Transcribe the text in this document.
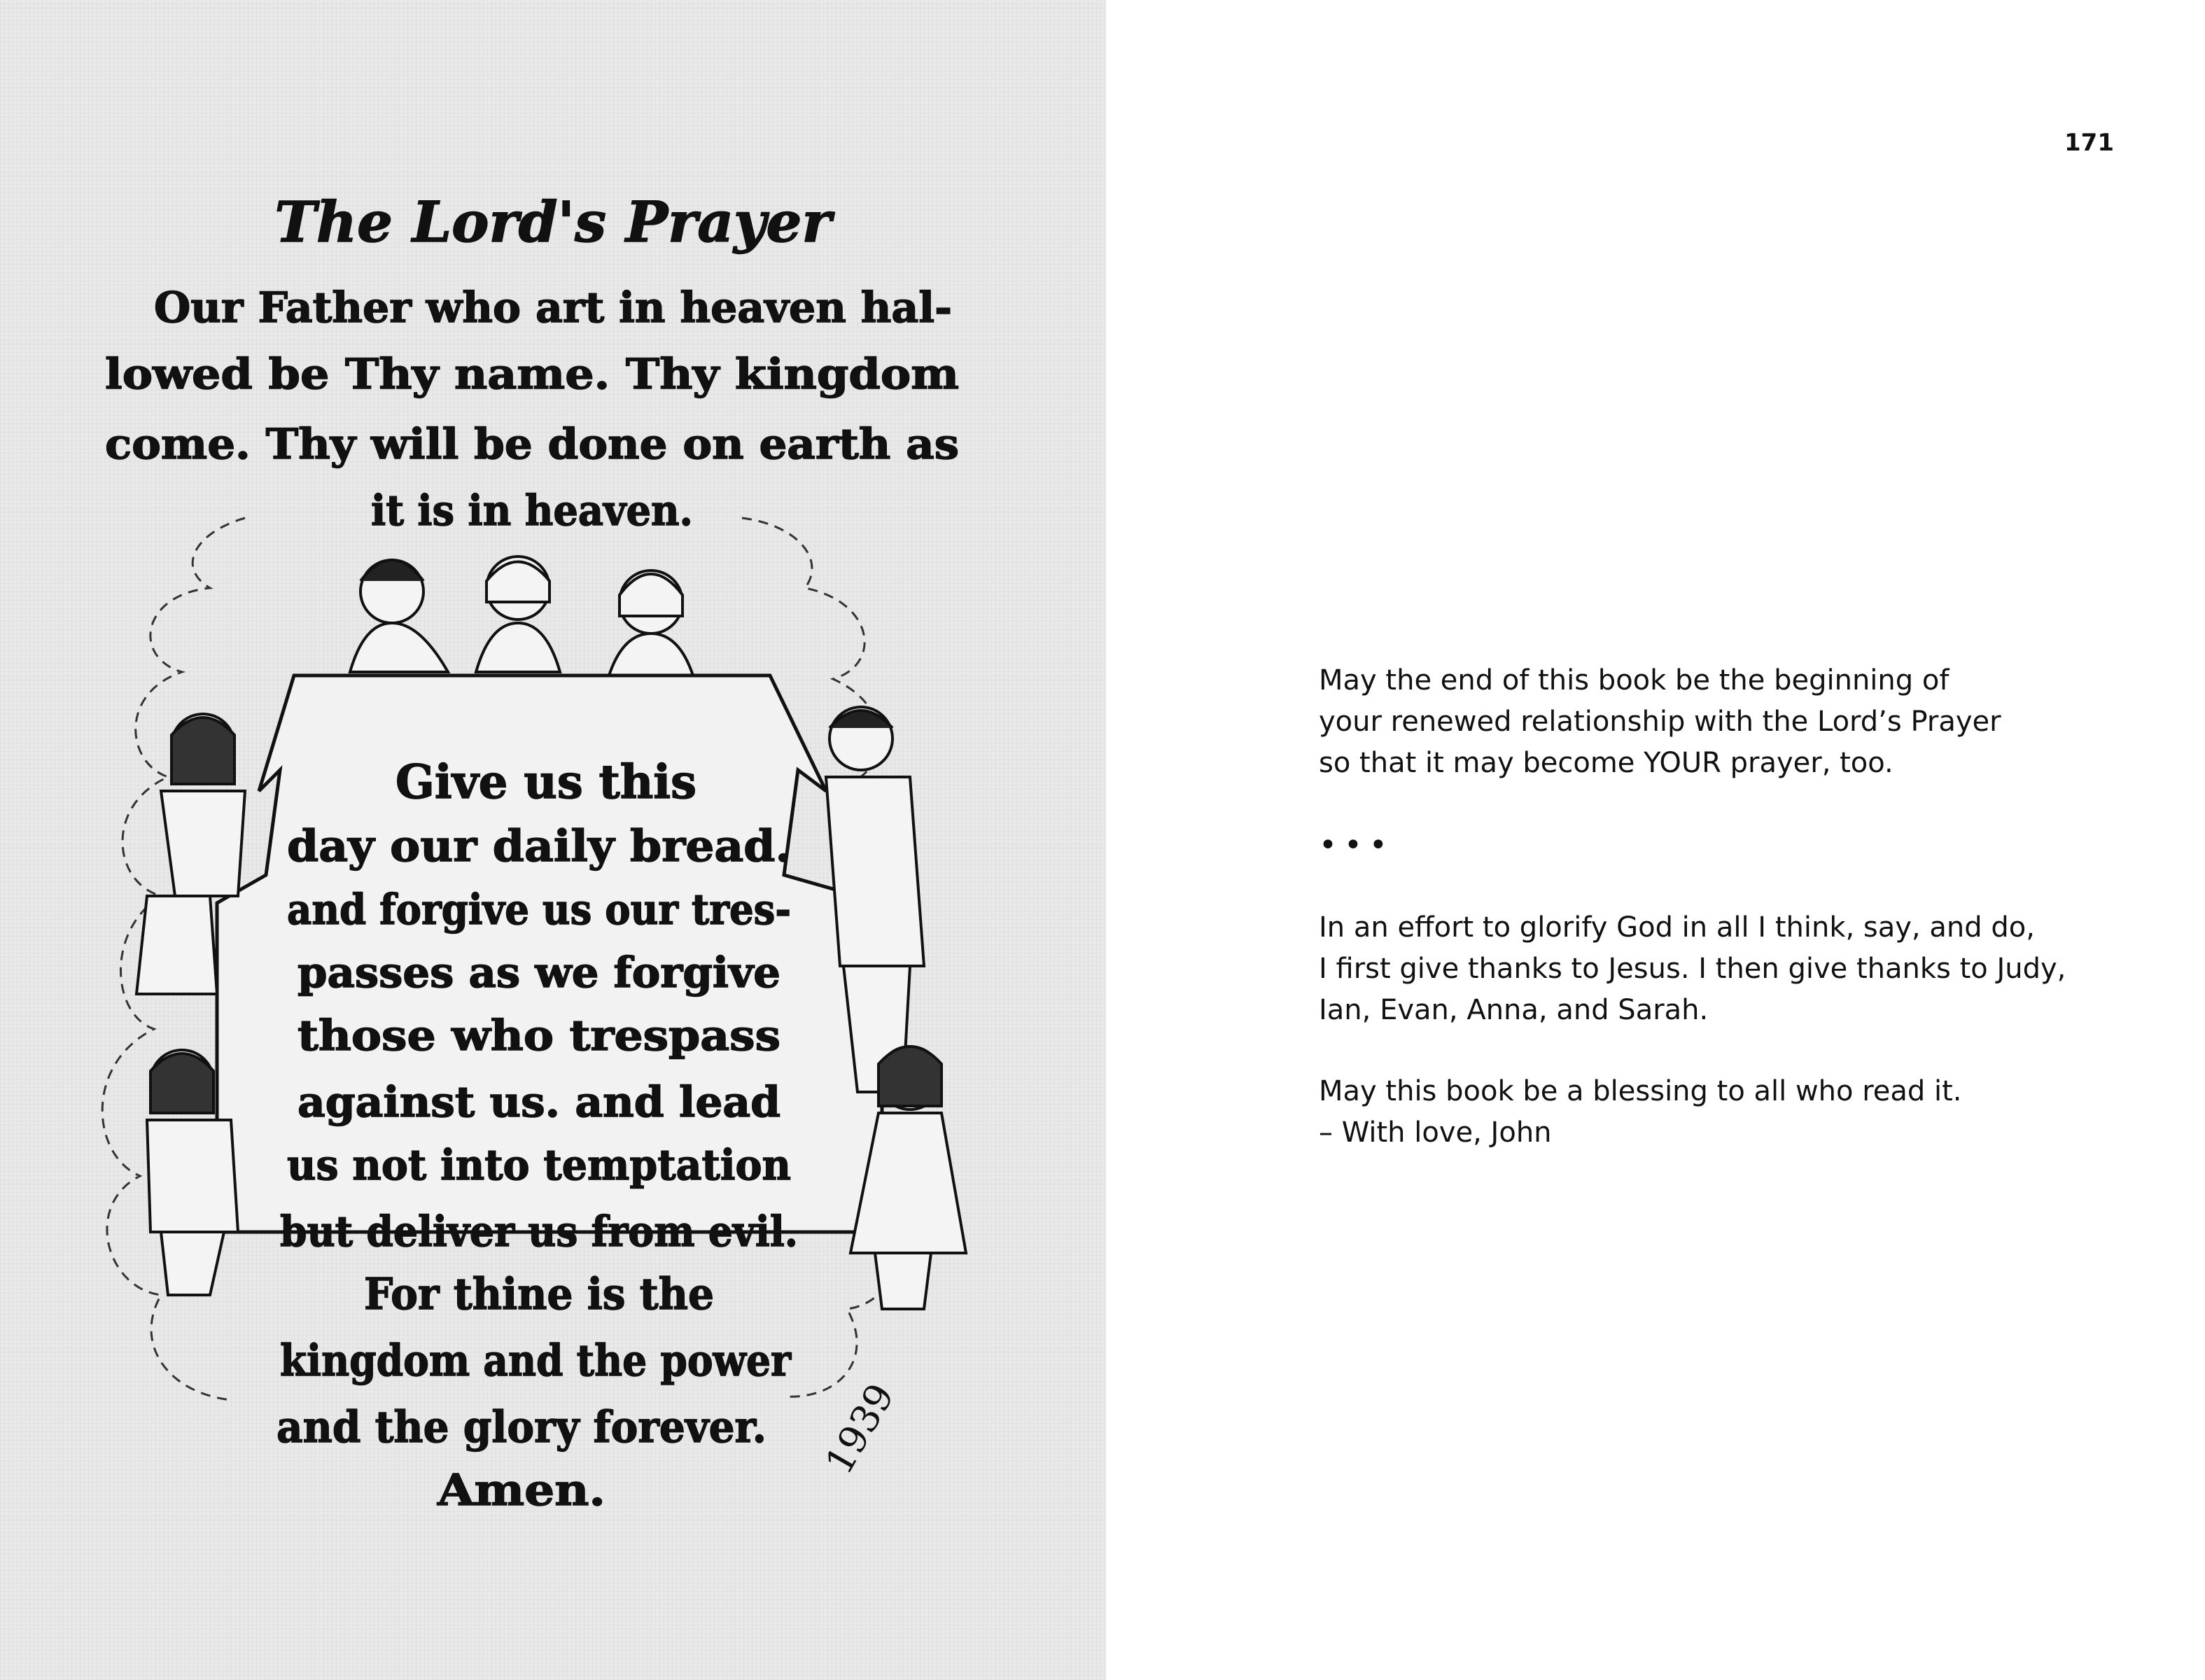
The Lord's Prayer
Our Father who art in heaven hal-
lowed be Thy name. Thy kingdom
come. Thy will be done on earth as
it is in heaven.
Give us this
day our daily bread.
and forgive us our tres-
passes as we forgive
those who trespass
against us. and lead
us not into temptation
but deliver us from evil.
For thine is the
kingdom and the power
and the glory forever.
Amen.
1939
171
May the end of this book be the beginning of
your renewed relationship with the Lord’s Prayer
so that it may become YOUR prayer, too.
•••
In an effort to glorify God in all I think, say, and do,
I first give thanks to Jesus. I then give thanks to Judy,
Ian, Evan, Anna, and Sarah.
May this book be a blessing to all who read it.
– With love, John
